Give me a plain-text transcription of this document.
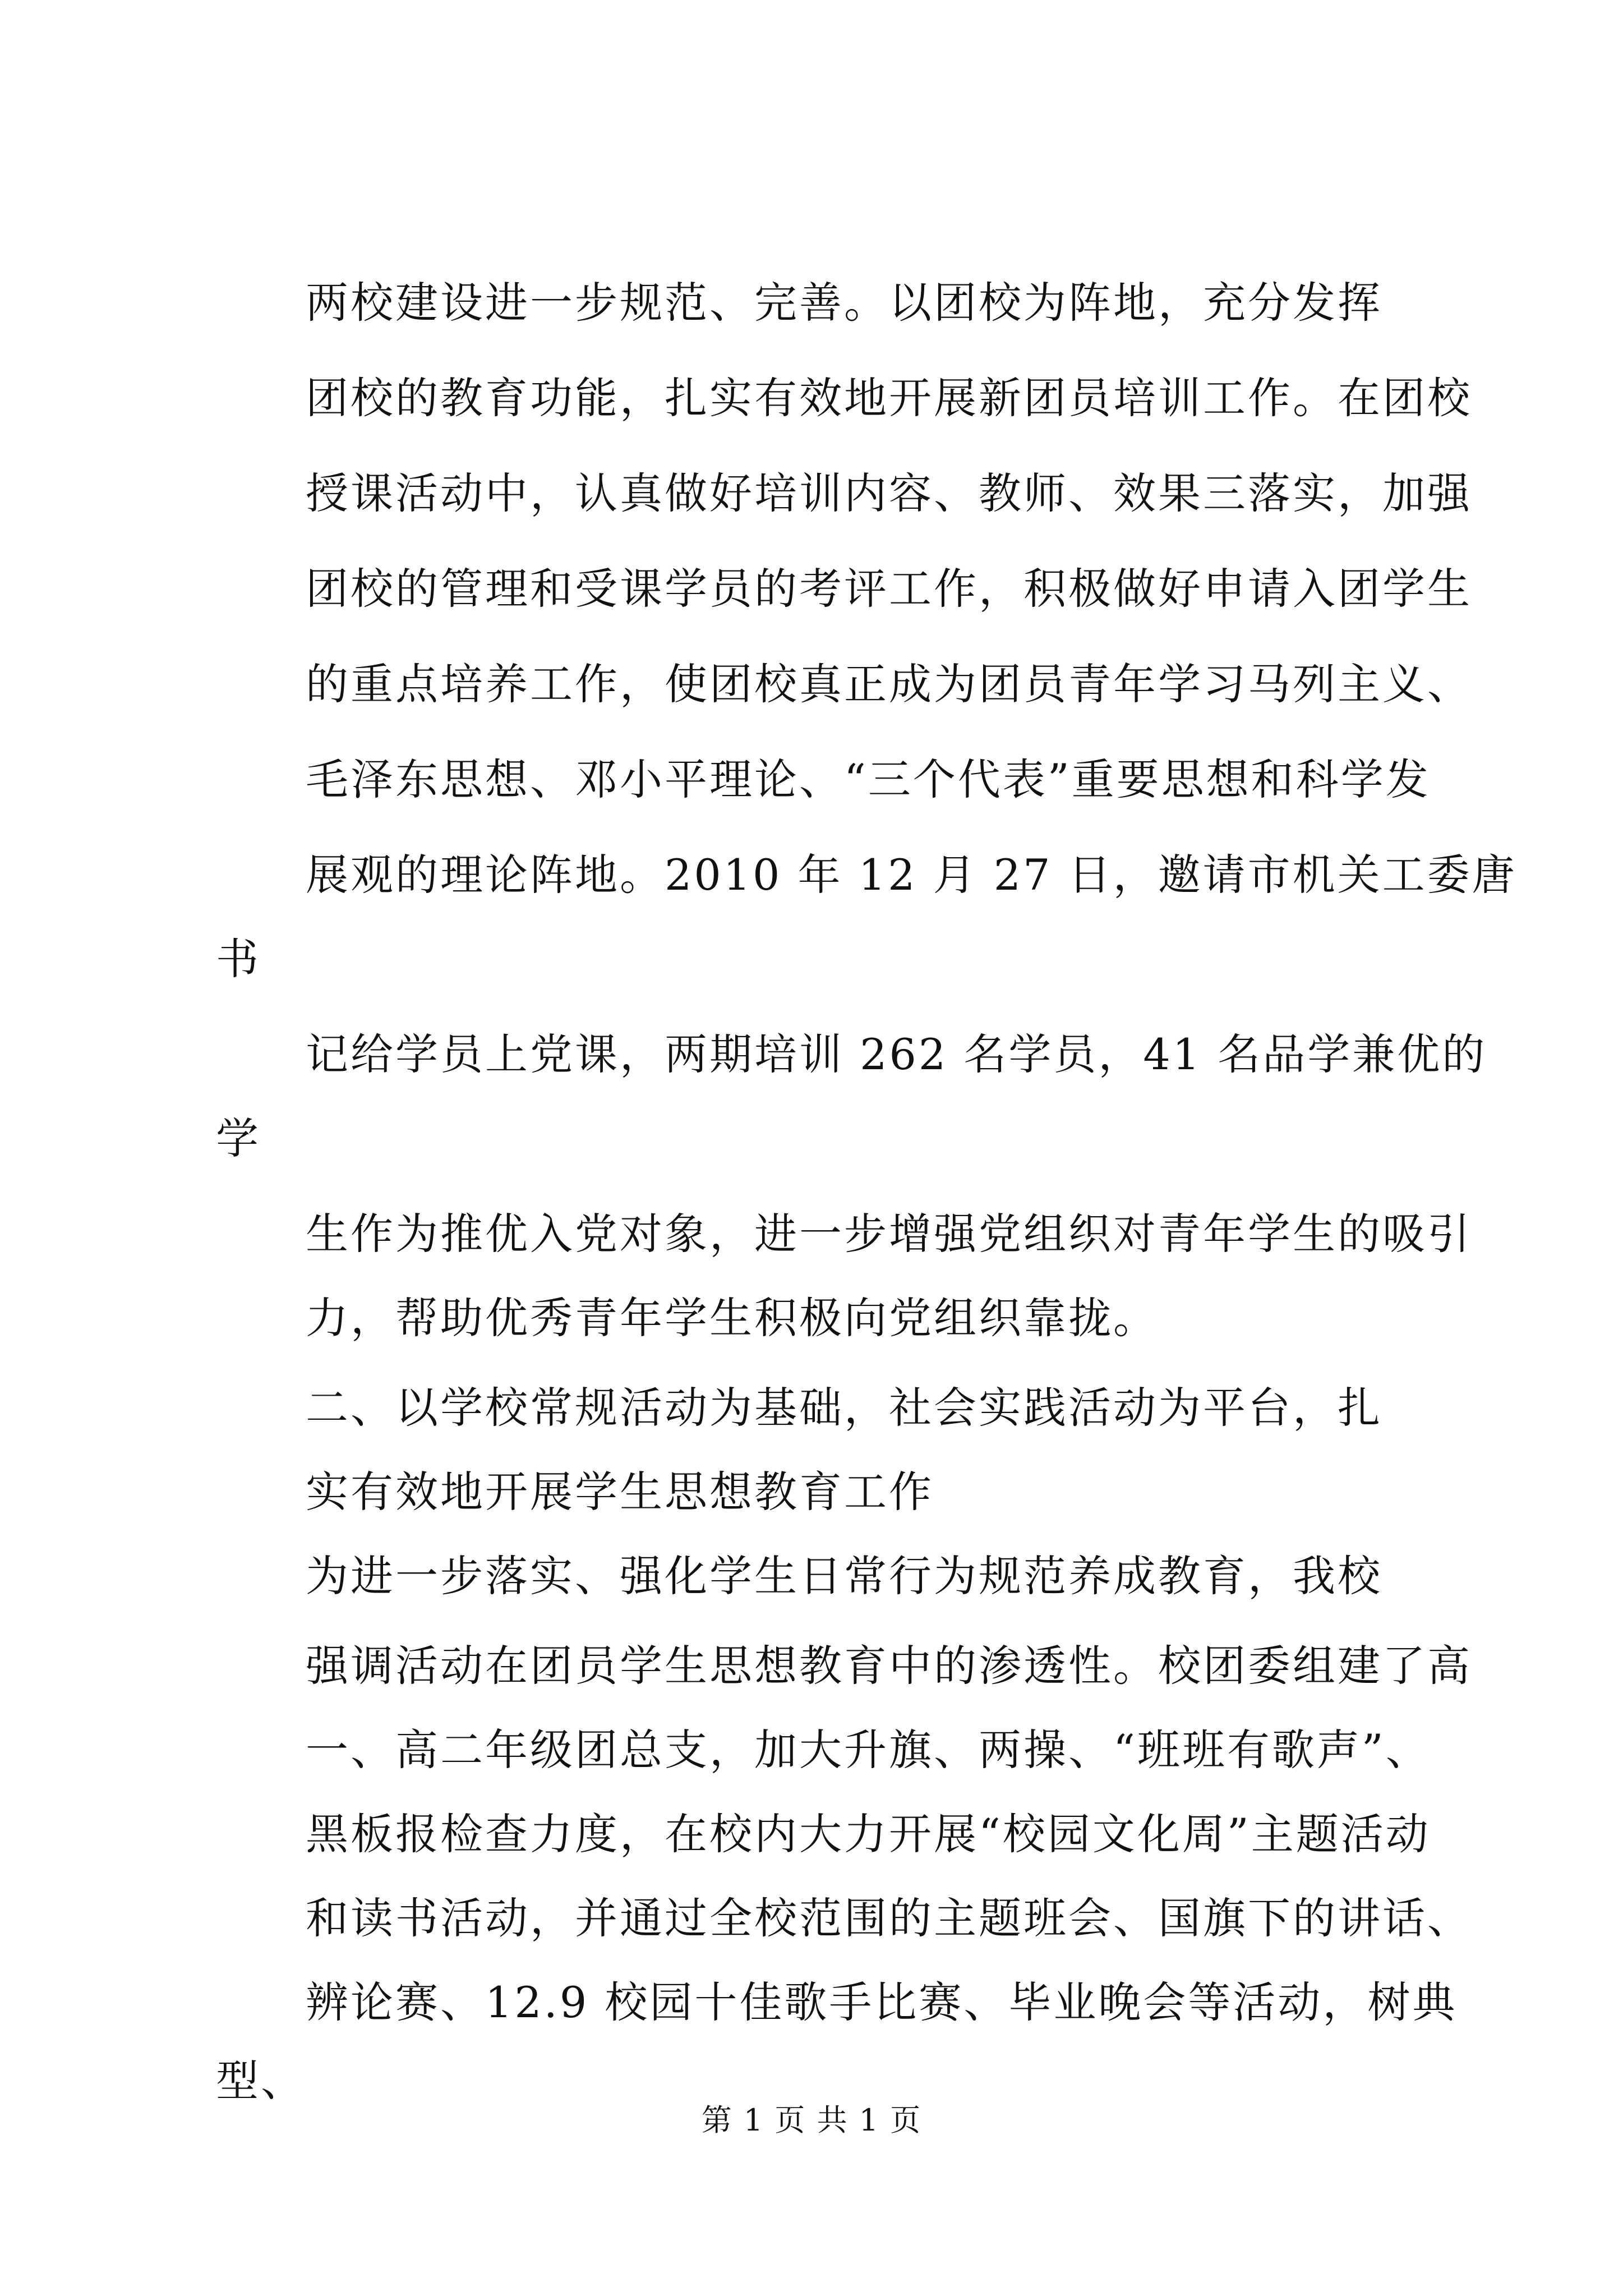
两校建设进一步规范、完善。以团校为阵地，充分发挥
团校的教育功能，扎实有效地开展新团员培训工作。在团校
授课活动中，认真做好培训内容、教师、效果三落实，加强
团校的管理和受课学员的考评工作，积极做好申请入团学生
的重点培养工作，使团校真正成为团员青年学习马列主义、
毛泽东思想、邓小平理论、“三个代表”重要思想和科学发
展观的理论阵地。2010 年 12 月 27 日，邀请市机关工委唐
书
记给学员上党课，两期培训 262 名学员，41 名品学兼优的
学
生作为推优入党对象，进一步增强党组织对青年学生的吸引
力，帮助优秀青年学生积极向党组织靠拢。
二、以学校常规活动为基础，社会实践活动为平台，扎
实有效地开展学生思想教育工作
为进一步落实、强化学生日常行为规范养成教育，我校
强调活动在团员学生思想教育中的渗透性。校团委组建了高
一、高二年级团总支，加大升旗、两操、“班班有歌声”、
黑板报检查力度，在校内大力开展“校园文化周”主题活动
和读书活动，并通过全校范围的主题班会、国旗下的讲话、
辨论赛、12.9 校园十佳歌手比赛、毕业晚会等活动，树典
型、
第 1 页 共 1 页
